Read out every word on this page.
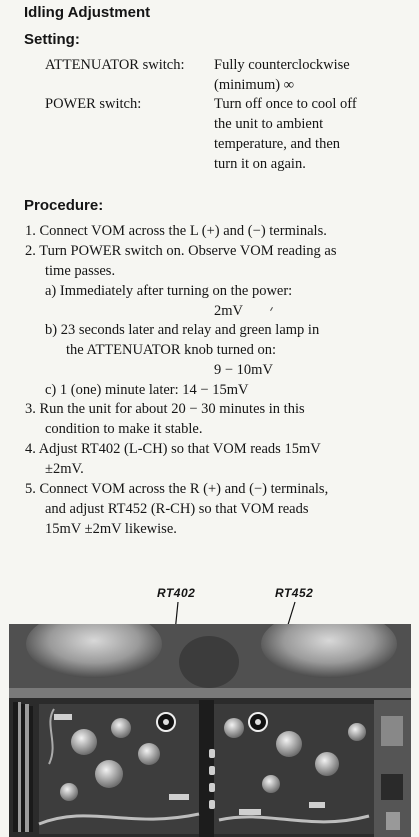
Idling Adjustment
Setting:
ATTENUATOR switch: Fully counterclockwise
(minimum) ∞
POWER switch:	Turn off once to cool off
the unit to ambient
temperature, and then
turn it on again.
Procedure:
1. Connect VOM across the L (+) and (−) terminals.
2. Turn POWER switch on. Observe VOM reading as
time passes.
a) Immediately after turning on the power:
2mV
b) 23 seconds later and relay and green lamp in
the ATTENUATOR knob turned on:
9 − 10mV
c) 1 (one) minute later: 14 − 15mV
3. Run the unit for about 20 − 30 minutes in this
condition to make it stable.
4. Adjust RT402 (L-CH) so that VOM reads 15mV
±2mV.
5. Connect VOM across the R (+) and (−) terminals,
and adjust RT452 (R-CH) so that VOM reads
15mV ±2mV likewise.
RT402	RT452
